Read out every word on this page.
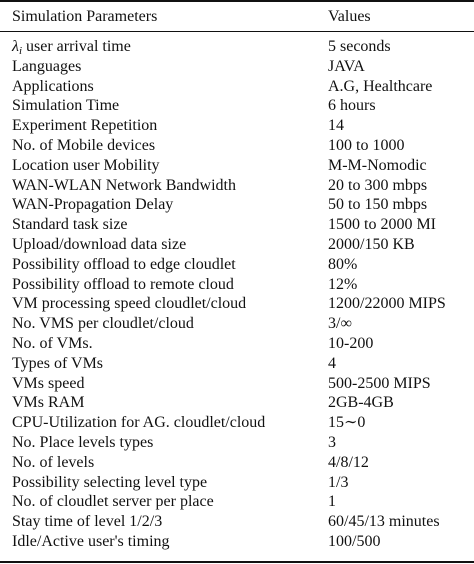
Simulation Parameters	Values
$\lambda_i$ user arrival time	5 seconds
Languages	JAVA
Applications	A.G, Healthcare
Simulation Time	6 hours
Experiment Repetition	14
No. of Mobile devices	100 to 1000
Location user Mobility	M-M-Nomodic
WAN-WLAN Network Bandwidth	20 to 300 mbps
WAN-Propagation Delay	50 to 150 mbps
Standard task size	1500 to 2000 MI
Upload/download data size	2000/150 KB
Possibility offload to edge cloudlet	80%
Possibility offload to remote cloud	12%
VM processing speed cloudlet/cloud	1200/22000 MIPS
No. VMS per cloudlet/cloud	3/∞
No. of VMs.	10-200
Types of VMs	4
VMs speed	500-2500 MIPS
VMs RAM	2GB-4GB
CPU-Utilization for AG. cloudlet/cloud	15∼0
No. Place levels types	3
No. of levels	4/8/12
Possibility selecting level type	1/3
No. of cloudlet server per place	1
Stay time of level 1/2/3	60/45/13 minutes
Idle/Active user's timing	100/500
